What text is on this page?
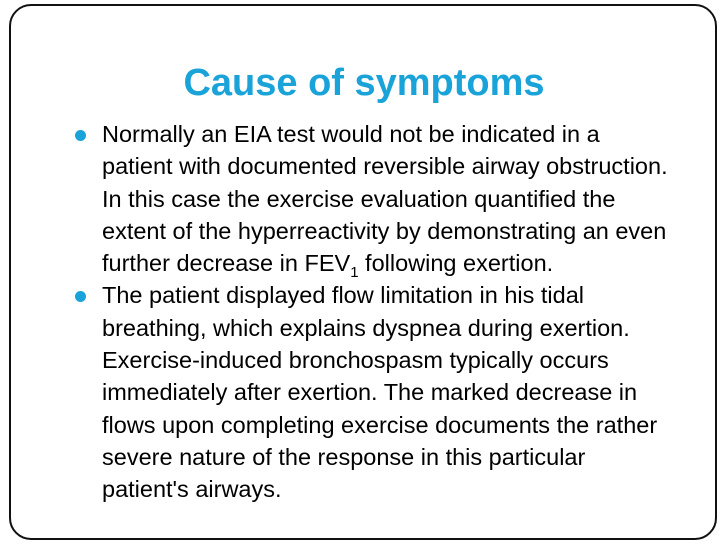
Cause of symptoms
Normally an EIA test would not be indicated in a patient with documented reversible airway obstruction. In this case the exercise evaluation quantified the extent of the hyperreactivity by demonstrating an even further decrease in $FEV_1$ following exertion.
The patient displayed flow limitation in his tidal breathing, which explains dyspnea during exertion. Exercise-induced bronchospasm typically occurs immediately after exertion. The marked decrease in flows upon completing exercise documents the rather severe nature of the response in this particular patient's airways.
